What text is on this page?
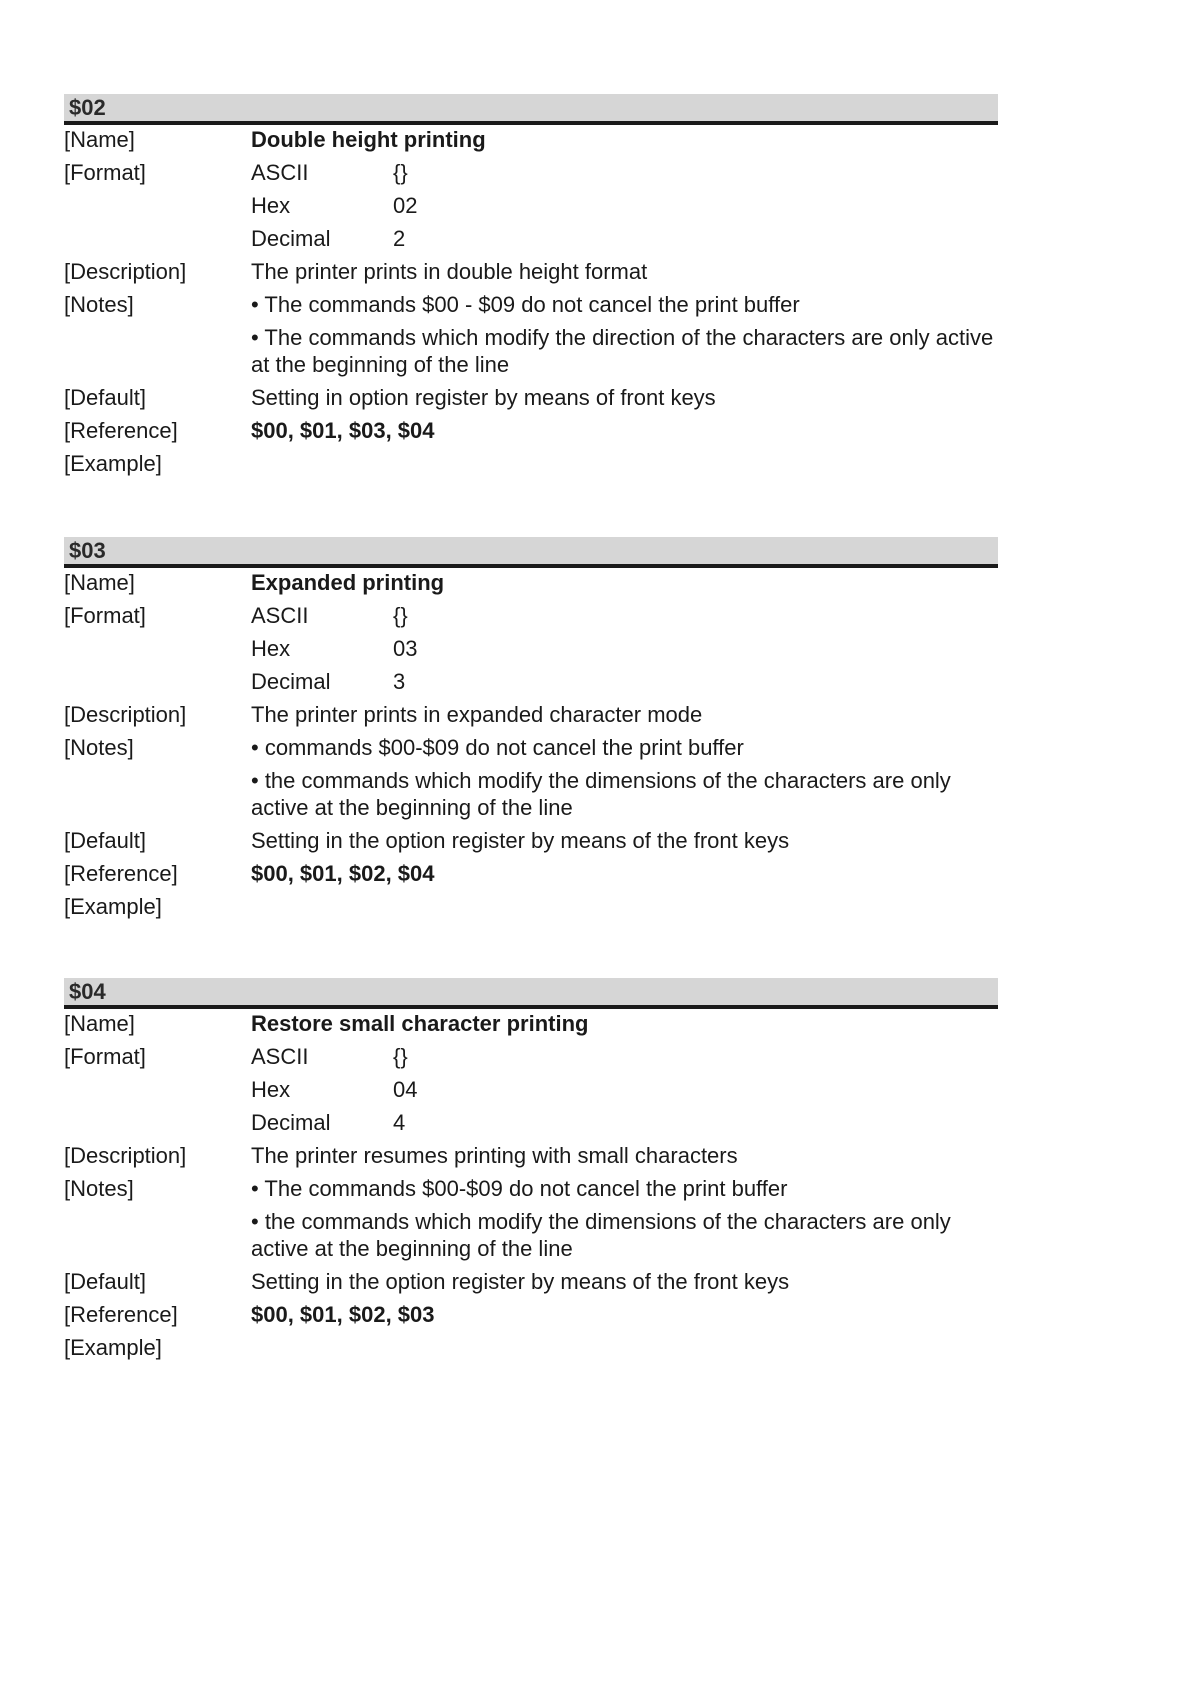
$02
[Name]	Double height printing
[Format]	ASCII	{}
Hex	02
Decimal	2
[Description]	The printer prints in double height format
[Notes]	• The commands $00 - $09 do not cancel the print buffer
• The commands which modify the direction of the characters are only active at the beginning of the line
[Default]	Setting in option register by means of front keys
[Reference]	$00, $01, $03, $04
[Example]
$03
[Name]	Expanded printing
[Format]	ASCII	{}
Hex	03
Decimal	3
[Description]	The printer prints in expanded character mode
[Notes]	• commands $00-$09 do not cancel the print buffer
• the commands which modify the dimensions of the characters are only active at the beginning of the line
[Default]	Setting in the option register by means of the front keys
[Reference]	$00, $01, $02, $04
[Example]
$04
[Name]	Restore small character printing
[Format]	ASCII	{}
Hex	04
Decimal	4
[Description]	The printer resumes printing with small characters
[Notes]	• The commands $00-$09 do not cancel the print buffer
• the commands which modify the dimensions of the characters are only active at the beginning of the line
[Default]	Setting in the option register by means of the front keys
[Reference]	$00, $01, $02, $03
[Example]
